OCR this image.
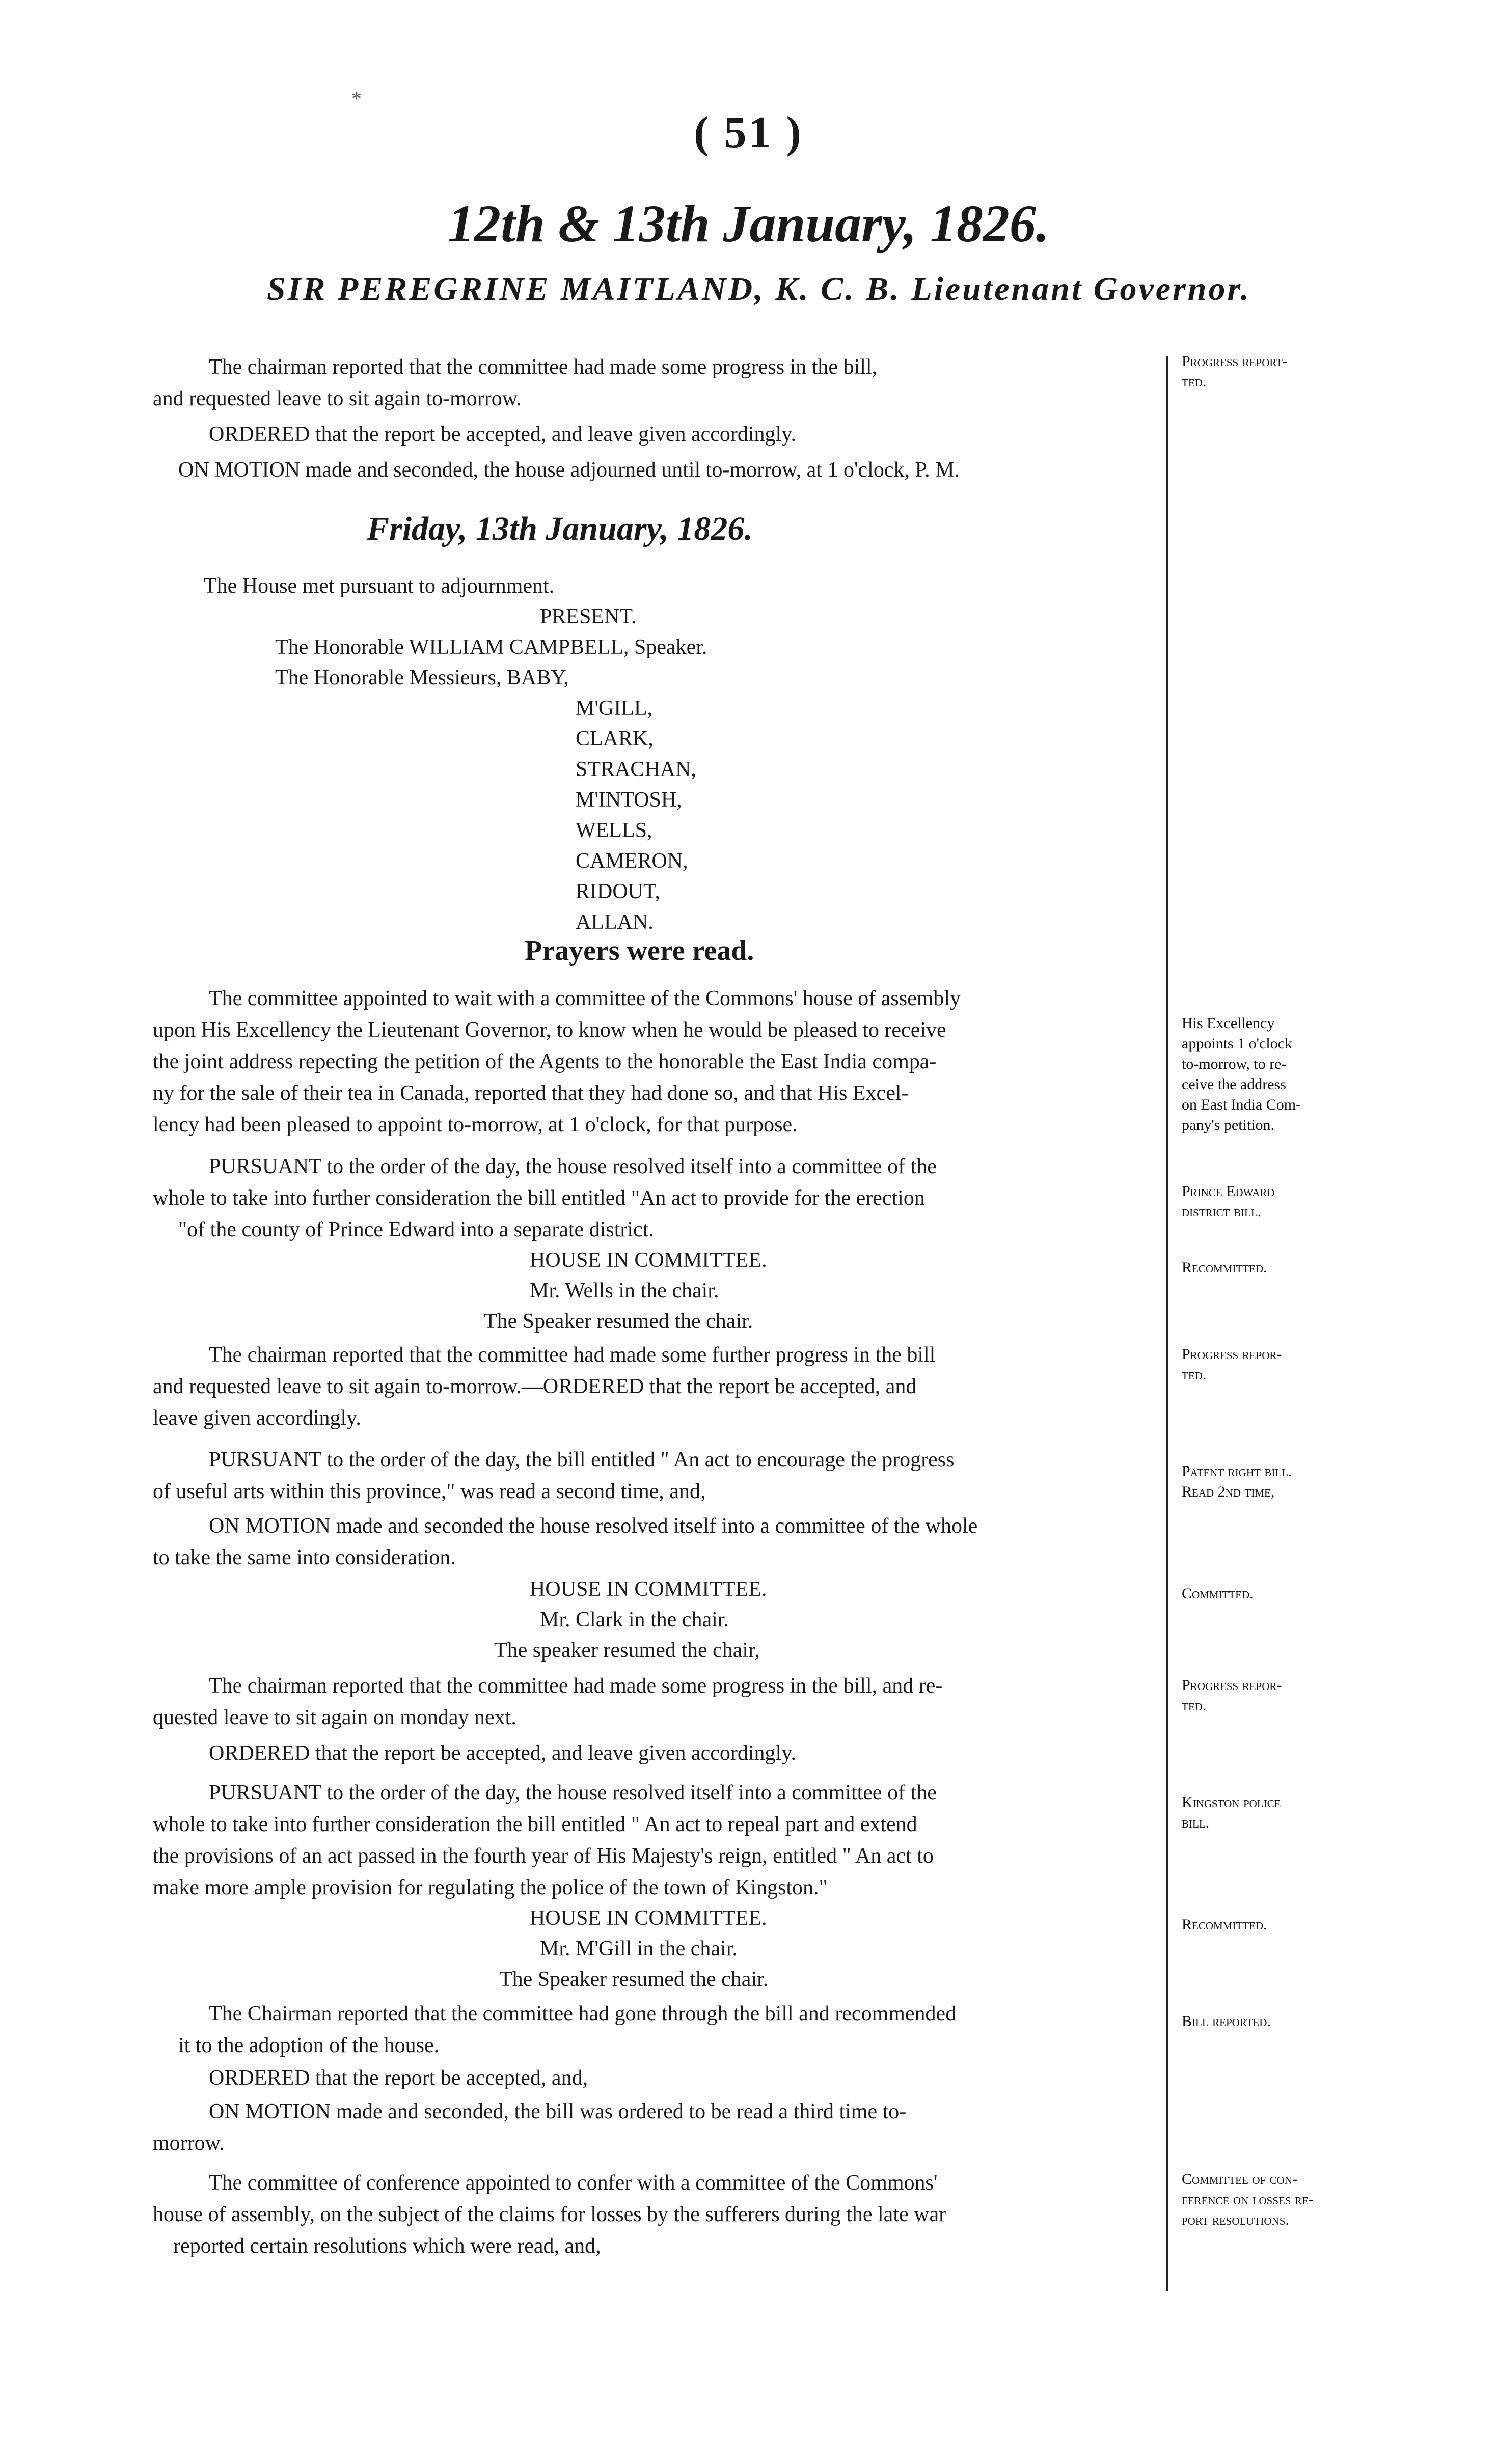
*
( 51 )
12th & 13th January, 1826.
SIR PEREGRINE MAITLAND, K. C. B. Lieutenant Governor.
The chairman reported that the committee had made some progress in the bill,
and requested leave to sit again to-morrow.
ORDERED that the report be accepted, and leave given accordingly.
ON MOTION made and seconded, the house adjourned until to-morrow, at 1 o'clock, P. M.
Friday, 13th January, 1826.
The House met pursuant to adjournment.
PRESENT.
The Honorable WILLIAM CAMPBELL, Speaker.
The Honorable Messieurs, BABY,
M'GILL,
CLARK,
STRACHAN,
M'INTOSH,
WELLS,
CAMERON,
RIDOUT,
ALLAN.
Prayers were read.
The committee appointed to wait with a committee of the Commons' house of assembly
upon His Excellency the Lieutenant Governor, to know when he would be pleased to receive
the joint address repecting the petition of the Agents to the honorable the East India compa-
ny for the sale of their tea in Canada, reported that they had done so, and that His Excel-
lency had been pleased to appoint to-morrow, at 1 o'clock, for that purpose.
PURSUANT to the order of the day, the house resolved itself into a committee of the
whole to take into further consideration the bill entitled "An act to provide for the erection
"of the county of Prince Edward into a separate district.
HOUSE IN COMMITTEE.
Mr. Wells in the chair.
The Speaker resumed the chair.
The chairman reported that the committee had made some further progress in the bill
and requested leave to sit again to-morrow.—ORDERED that the report be accepted, and
leave given accordingly.
PURSUANT to the order of the day, the bill entitled " An act to encourage the progress
of useful arts within this province," was read a second time, and,
ON MOTION made and seconded the house resolved itself into a committee of the whole
to take the same into consideration.
HOUSE IN COMMITTEE.
Mr. Clark in the chair.
The speaker resumed the chair,
The chairman reported that the committee had made some progress in the bill, and re-
quested leave to sit again on monday next.
ORDERED that the report be accepted, and leave given accordingly.
PURSUANT to the order of the day, the house resolved itself into a committee of the
whole to take into further consideration the bill entitled " An act to repeal part and extend
the provisions of an act passed in the fourth year of His Majesty's reign, entitled " An act to
make more ample provision for regulating the police of the town of Kingston."
HOUSE IN COMMITTEE.
Mr. M'Gill in the chair.
The Speaker resumed the chair.
The Chairman reported that the committee had gone through the bill and recommended
it to the adoption of the house.
ORDERED that the report be accepted, and,
ON MOTION made and seconded, the bill was ordered to be read a third time to-
morrow.
The committee of conference appointed to confer with a committee of the Commons'
house of assembly, on the subject of the claims for losses by the sufferers during the late war
reported certain resolutions which were read, and,
Progress report-
ted.
His Excellency
appoints 1 o'clock
to-morrow, to re-
ceive the address
on East India Com-
pany's petition.
Prince Edward
district bill.
Recommitted.
Progress repor-
ted.
Patent right bill.
Read 2nd time,
Committed.
Progress repor-
ted.
Kingston police
bill.
Recommitted.
Bill reported.
Committee of con-
ference on losses re-
port resolutions.
